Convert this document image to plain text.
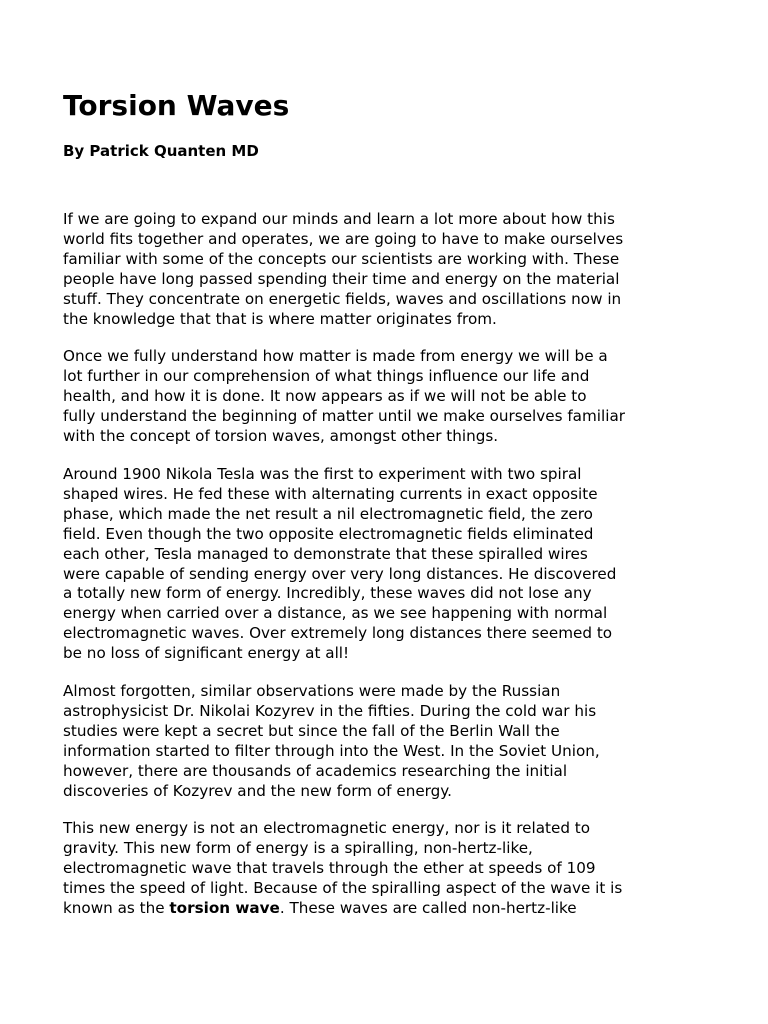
Torsion Waves

By Patrick Quanten MD

If we are going to expand our minds and learn a lot more about how this
world fits together and operates, we are going to have to make ourselves
familiar with some of the concepts our scientists are working with. These
people have long passed spending their time and energy on the material
stuff. They concentrate on energetic fields, waves and oscillations now in
the knowledge that that is where matter originates from.

Once we fully understand how matter is made from energy we will be a
lot further in our comprehension of what things influence our life and
health, and how it is done. It now appears as if we will not be able to
fully understand the beginning of matter until we make ourselves familiar
with the concept of torsion waves, amongst other things.

Around 1900 Nikola Tesla was the first to experiment with two spiral
shaped wires. He fed these with alternating currents in exact opposite
phase, which made the net result a nil electromagnetic field, the zero
field. Even though the two opposite electromagnetic fields eliminated
each other, Tesla managed to demonstrate that these spiralled wires
were capable of sending energy over very long distances. He discovered
a totally new form of energy. Incredibly, these waves did not lose any
energy when carried over a distance, as we see happening with normal
electromagnetic waves. Over extremely long distances there seemed to
be no loss of significant energy at all!

Almost forgotten, similar observations were made by the Russian
astrophysicist Dr. Nikolai Kozyrev in the fifties. During the cold war his
studies were kept a secret but since the fall of the Berlin Wall the
information started to filter through into the West. In the Soviet Union,
however, there are thousands of academics researching the initial
discoveries of Kozyrev and the new form of energy.

This new energy is not an electromagnetic energy, nor is it related to
gravity. This new form of energy is a spiralling, non-hertz-like,
electromagnetic wave that travels through the ether at speeds of 109
times the speed of light. Because of the spiralling aspect of the wave it is
known as the torsion wave. These waves are called non-hertz-like
